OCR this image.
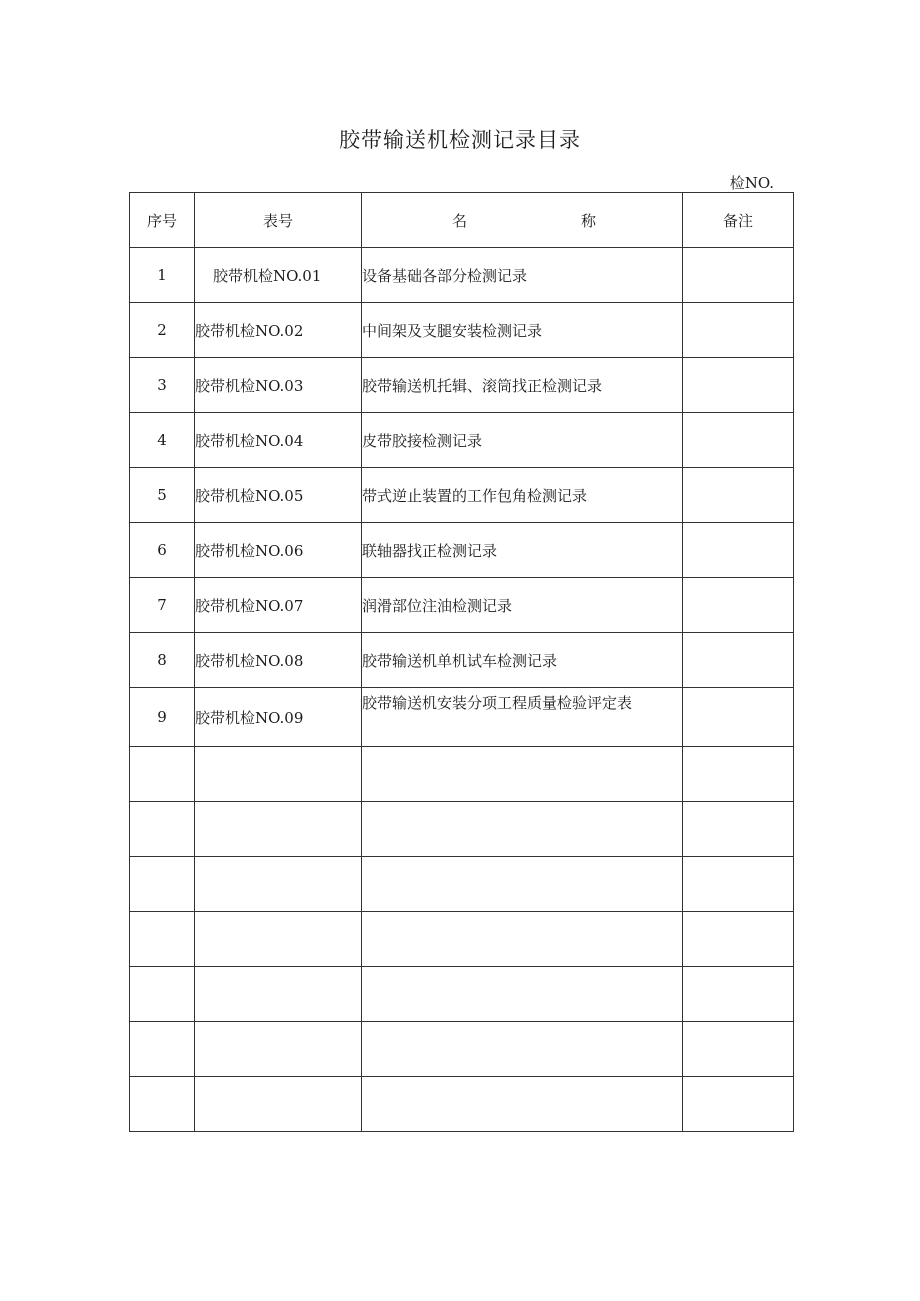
胶带输送机检测记录目录
检NO.
序号	表号	名 称	备注
1	胶带机检NO.01	设备基础各部分检测记录	
2	胶带机检NO.02	中间架及支腿安装检测记录	
3	胶带机检NO.03	胶带输送机托辑、滚筒找正检测记录	
4	胶带机检NO.04	皮带胶接检测记录	
5	胶带机检NO.05	带式逆止装置的工作包角检测记录	
6	胶带机检NO.06	联轴器找正检测记录	
7	胶带机检NO.07	润滑部位注油检测记录	
8	胶带机检NO.08	胶带输送机单机试车检测记录	
9	胶带机检NO.09	胶带输送机安装分项工程质量检验评定表	
